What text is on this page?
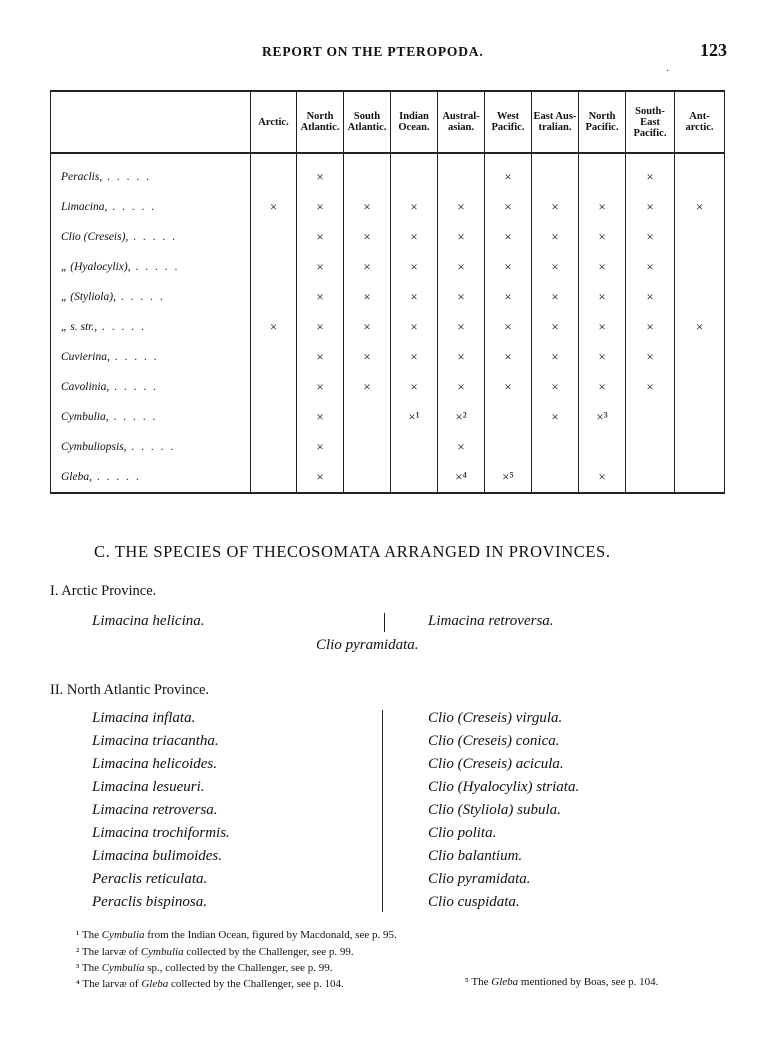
REPORT ON THE PTEROPODA.	123
·
	Arctic.	North Atlantic.	South Atlantic.	Indian Ocean.	Austral-asian.	West Pacific.	East Aus-tralian.	North Pacific.	South-East Pacific.	Ant-arctic.
Peraclis, . . . . .		×				×			×	
Limacina, . . . . .	×	×	×	×	×	×	×	×	×	×
Clio (Creseis), . . . . .		×	×	×	×	×	×	×	×	
„ (Hyalocylix), . . . . .		×	×	×	×	×	×	×	×	
„ (Styliola), . . . . .		×	×	×	×	×	×	×	×	
„ s. str., . . . . .	×	×	×	×	×	×	×	×	×	×
Cuvierina, . . . . .		×	×	×	×	×	×	×	×	
Cavolinia, . . . . .		×	×	×	×	×	×	×	×	
Cymbulia, . . . . .		×		×¹	×²		×	×³		
Cymbuliopsis, . . . . .		×			×					
Gleba, . . . . .		×			×⁴	×⁵		×		
C. THE SPECIES OF THECOSOMATA ARRANGED IN PROVINCES.
I. Arctic Province.
Limacina helicina.	Limacina retroversa.
Clio pyramidata.
II. North Atlantic Province.
Limacina inflata.
Limacina triacantha.
Limacina helicoides.
Limacina lesueuri.
Limacina retroversa.
Limacina trochiformis.
Limacina bulimoides.
Peraclis reticulata.
Peraclis bispinosa.
Clio (Creseis) virgula.
Clio (Creseis) conica.
Clio (Creseis) acicula.
Clio (Hyalocylix) striata.
Clio (Styliola) subula.
Clio polita.
Clio balantium.
Clio pyramidata.
Clio cuspidata.
¹ The Cymbulia from the Indian Ocean, figured by Macdonald, see p. 95.
² The larvæ of Cymbulia collected by the Challenger, see p. 99.
³ The Cymbulia sp., collected by the Challenger, see p. 99.
⁴ The larvæ of Gleba collected by the Challenger, see p. 104.	⁵ The Gleba mentioned by Boas, see p. 104.
